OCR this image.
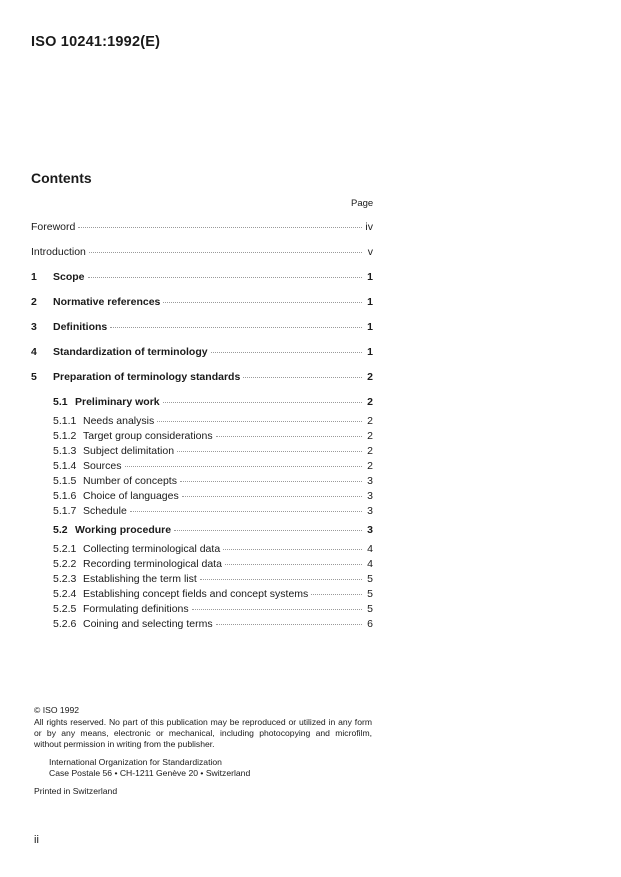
ISO 10241:1992(E)
Contents
Page
Foreword	iv
Introduction	v
1	Scope	1
2	Normative references	1
3	Definitions	1
4	Standardization of terminology	1
5	Preparation of terminology standards	2
5.1 Preliminary work	2
5.1.1 Needs analysis	2
5.1.2 Target group considerations	2
5.1.3 Subject delimitation	2
5.1.4 Sources	2
5.1.5 Number of concepts	3
5.1.6 Choice of languages	3
5.1.7 Schedule	3
5.2 Working procedure	3
5.2.1 Collecting terminological data	4
5.2.2 Recording terminological data	4
5.2.3 Establishing the term list	5
5.2.4 Establishing concept fields and concept systems	5
5.2.5 Formulating definitions	5
5.2.6 Coining and selecting terms	6
© ISO 1992
All rights reserved. No part of this publication may be reproduced or utilized in any form or by any means, electronic or mechanical, including photocopying and microfilm, without permission in writing from the publisher.
International Organization for Standardization
Case Postale 56 • CH-1211 Genève 20 • Switzerland
Printed in Switzerland
ii
